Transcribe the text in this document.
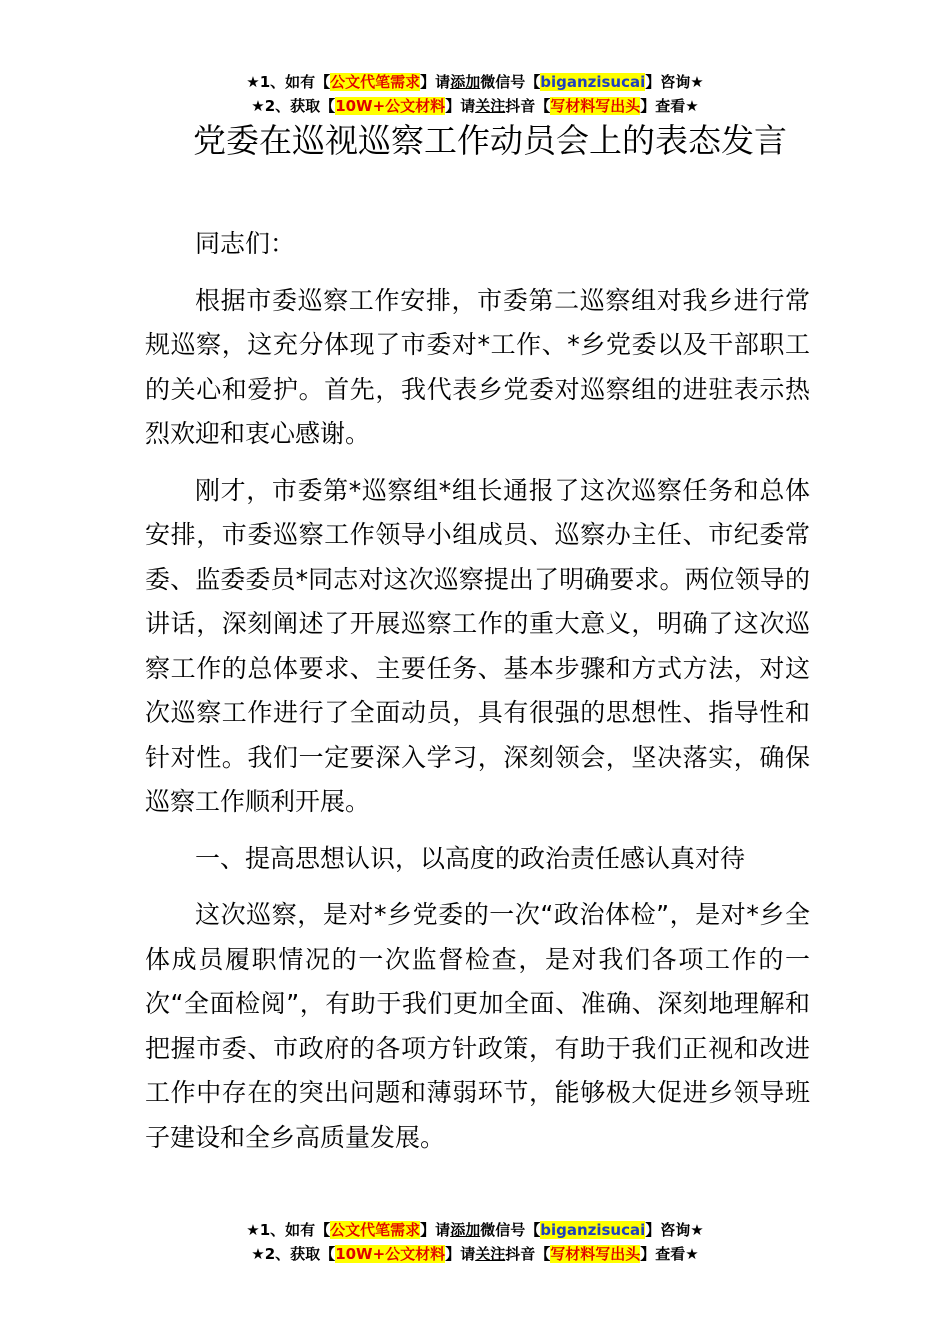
★1、如有【公文代笔需求】请添加微信号【biganzisucai】咨询★
★2、获取【10W+公文材料】请关注抖音【写材料写出头】查看★
党委在巡视巡察工作动员会上的表态发言

同志们：

根据市委巡察工作安排，市委第二巡察组对我乡进行常规巡察，这充分体现了市委对*工作、*乡党委以及干部职工的关心和爱护。首先，我代表乡党委对巡察组的进驻表示热烈欢迎和衷心感谢。

刚才，市委第*巡察组*组长通报了这次巡察任务和总体安排，市委巡察工作领导小组成员、巡察办主任、市纪委常委、监委委员*同志对这次巡察提出了明确要求。两位领导的讲话，深刻阐述了开展巡察工作的重大意义，明确了这次巡察工作的总体要求、主要任务、基本步骤和方式方法，对这次巡察工作进行了全面动员，具有很强的思想性、指导性和针对性。我们一定要深入学习，深刻领会，坚决落实，确保巡察工作顺利开展。

一、提高思想认识，以高度的政治责任感认真对待

这次巡察，是对*乡党委的一次“政治体检”，是对*乡全体成员履职情况的一次监督检查，是对我们各项工作的一次“全面检阅”，有助于我们更加全面、准确、深刻地理解和把握市委、市政府的各项方针政策，有助于我们正视和改进工作中存在的突出问题和薄弱环节，能够极大促进乡领导班子建设和全乡高质量发展。

★1、如有【公文代笔需求】请添加微信号【biganzisucai】咨询★
★2、获取【10W+公文材料】请关注抖音【写材料写出头】查看★
